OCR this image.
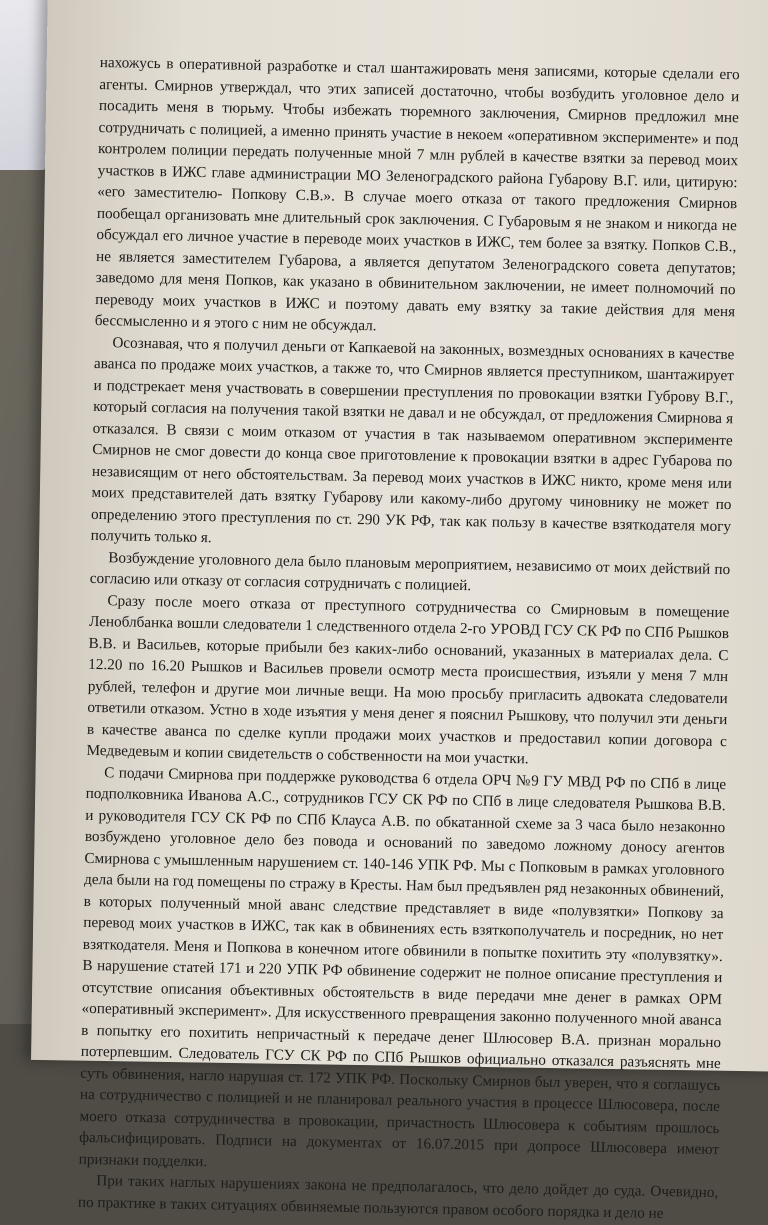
нахожусь в оперативной разработке и стал шантажировать меня записями, которые сделали его агенты. Смирнов утверждал, что этих записей достаточно, чтобы возбудить уголовное дело и посадить меня в тюрьму. Чтобы избежать тюремного заключения, Смирнов предложил мне сотрудничать с полицией, а именно принять участие в некоем «оперативном эксперименте» и под контролем полиции передать полученные мной 7 млн рублей в качестве взятки за перевод моих участков в ИЖС главе администрации МО Зеленоградского района Губарову В.Г. или, цитирую: «его заместителю- Попкову С.В.». В случае моего отказа от такого предложения Смирнов пообещал организовать мне длительный срок заключения. С Губаровым я не знаком и никогда не обсуждал его личное участие в переводе моих участков в ИЖС, тем более за взятку. Попков С.В., не является заместителем Губарова, а является депутатом Зеленоградского совета депутатов; заведомо для меня Попков, как указано в обвинительном заключении, не имеет полномочий по переводу моих участков в ИЖС и поэтому давать ему взятку за такие действия для меня бессмысленно и я этого с ним не обсуждал.

Осознавая, что я получил деньги от Капкаевой на законных, возмездных основаниях в качестве аванса по продаже моих участков, а также то, что Смирнов является преступником, шантажирует и подстрекает меня участвовать в совершении преступления по провокации взятки Губрову В.Г., который согласия на получения такой взятки не давал и не обсуждал, от предложения Смирнова я отказался. В связи с моим отказом от участия в так называемом оперативном эксперименте Смирнов не смог довести до конца свое приготовление к провокации взятки в адрес Губарова по независящим от него обстоятельствам. За перевод моих участков в ИЖС никто, кроме меня или моих представителей дать взятку Губарову или какому-либо другому чиновнику не может по определению этого преступления по ст. 290 УК РФ, так как пользу в качестве взяткодателя могу получить только я.

Возбуждение уголовного дела было плановым мероприятием, независимо от моих действий по согласию или отказу от согласия сотрудничать с полицией.

Сразу после моего отказа от преступного сотрудничества со Смирновым в помещение Леноблбанка вошли следователи 1 следственного отдела 2-го УРОВД ГСУ СК РФ по СПб Рышков В.В. и Васильев, которые прибыли без каких-либо оснований, указанных в материалах дела. С 12.20 по 16.20 Рышков и Васильев провели осмотр места происшествия, изъяли у меня 7 млн рублей, телефон и другие мои личные вещи. На мою просьбу пригласить адвоката следователи ответили отказом. Устно в ходе изъятия у меня денег я пояснил Рышкову, что получил эти деньги в качестве аванса по сделке купли продажи моих участков и предоставил копии договора с Медведевым и копии свидетельств о собственности на мои участки.

С подачи Смирнова при поддержке руководства 6 отдела ОРЧ №9 ГУ МВД РФ по СПб в лице подполковника Иванова А.С., сотрудников ГСУ СК РФ по СПб в лице следователя Рышкова В.В. и руководителя ГСУ СК РФ по СПб Клауса А.В. по обкатанной схеме за 3 часа было незаконно возбуждено уголовное дело без повода и оснований по заведомо ложному доносу агентов Смирнова с умышленным нарушением ст. 140-146 УПК РФ. Мы с Попковым в рамках уголовного дела были на год помещены по стражу в Кресты. Нам был предъявлен ряд незаконных обвинений, в которых полученный мной аванс следствие представляет в виде «полувзятки» Попкову за перевод моих участков в ИЖС, так как в обвинениях есть взяткополучатель и посредник, но нет взяткодателя. Меня и Попкова в конечном итоге обвинили в попытке похитить эту «полувзятку». В нарушение статей 171 и 220 УПК РФ обвинение содержит не полное описание преступления и отсутствие описания объективных обстоятельств в виде передачи мне денег в рамках ОРМ «оперативный эксперимент». Для искусственного превращения законно полученного мной аванса в попытку его похитить непричастный к передаче денег Шлюсовер В.А. признан морально потерпевшим. Следователь ГСУ СК РФ по СПб Рышков официально отказался разъяснять мне суть обвинения, нагло нарушая ст. 172 УПК РФ. Поскольку Смирнов был уверен, что я соглашусь на сотрудничество с полицией и не планировал реального участия в процессе Шлюсовера, после моего отказа сотрудничества в провокации, причастность Шлюсовера к событиям прошлось фальсифицировать. Подписи на документах от 16.07.2015 при допросе Шлюсовера имеют признаки подделки.

При таких наглых нарушениях закона не предполагалось, что дело дойдет до суда. Очевидно, по практике в таких ситуациях обвиняемые пользуются правом особого порядка и дело не
